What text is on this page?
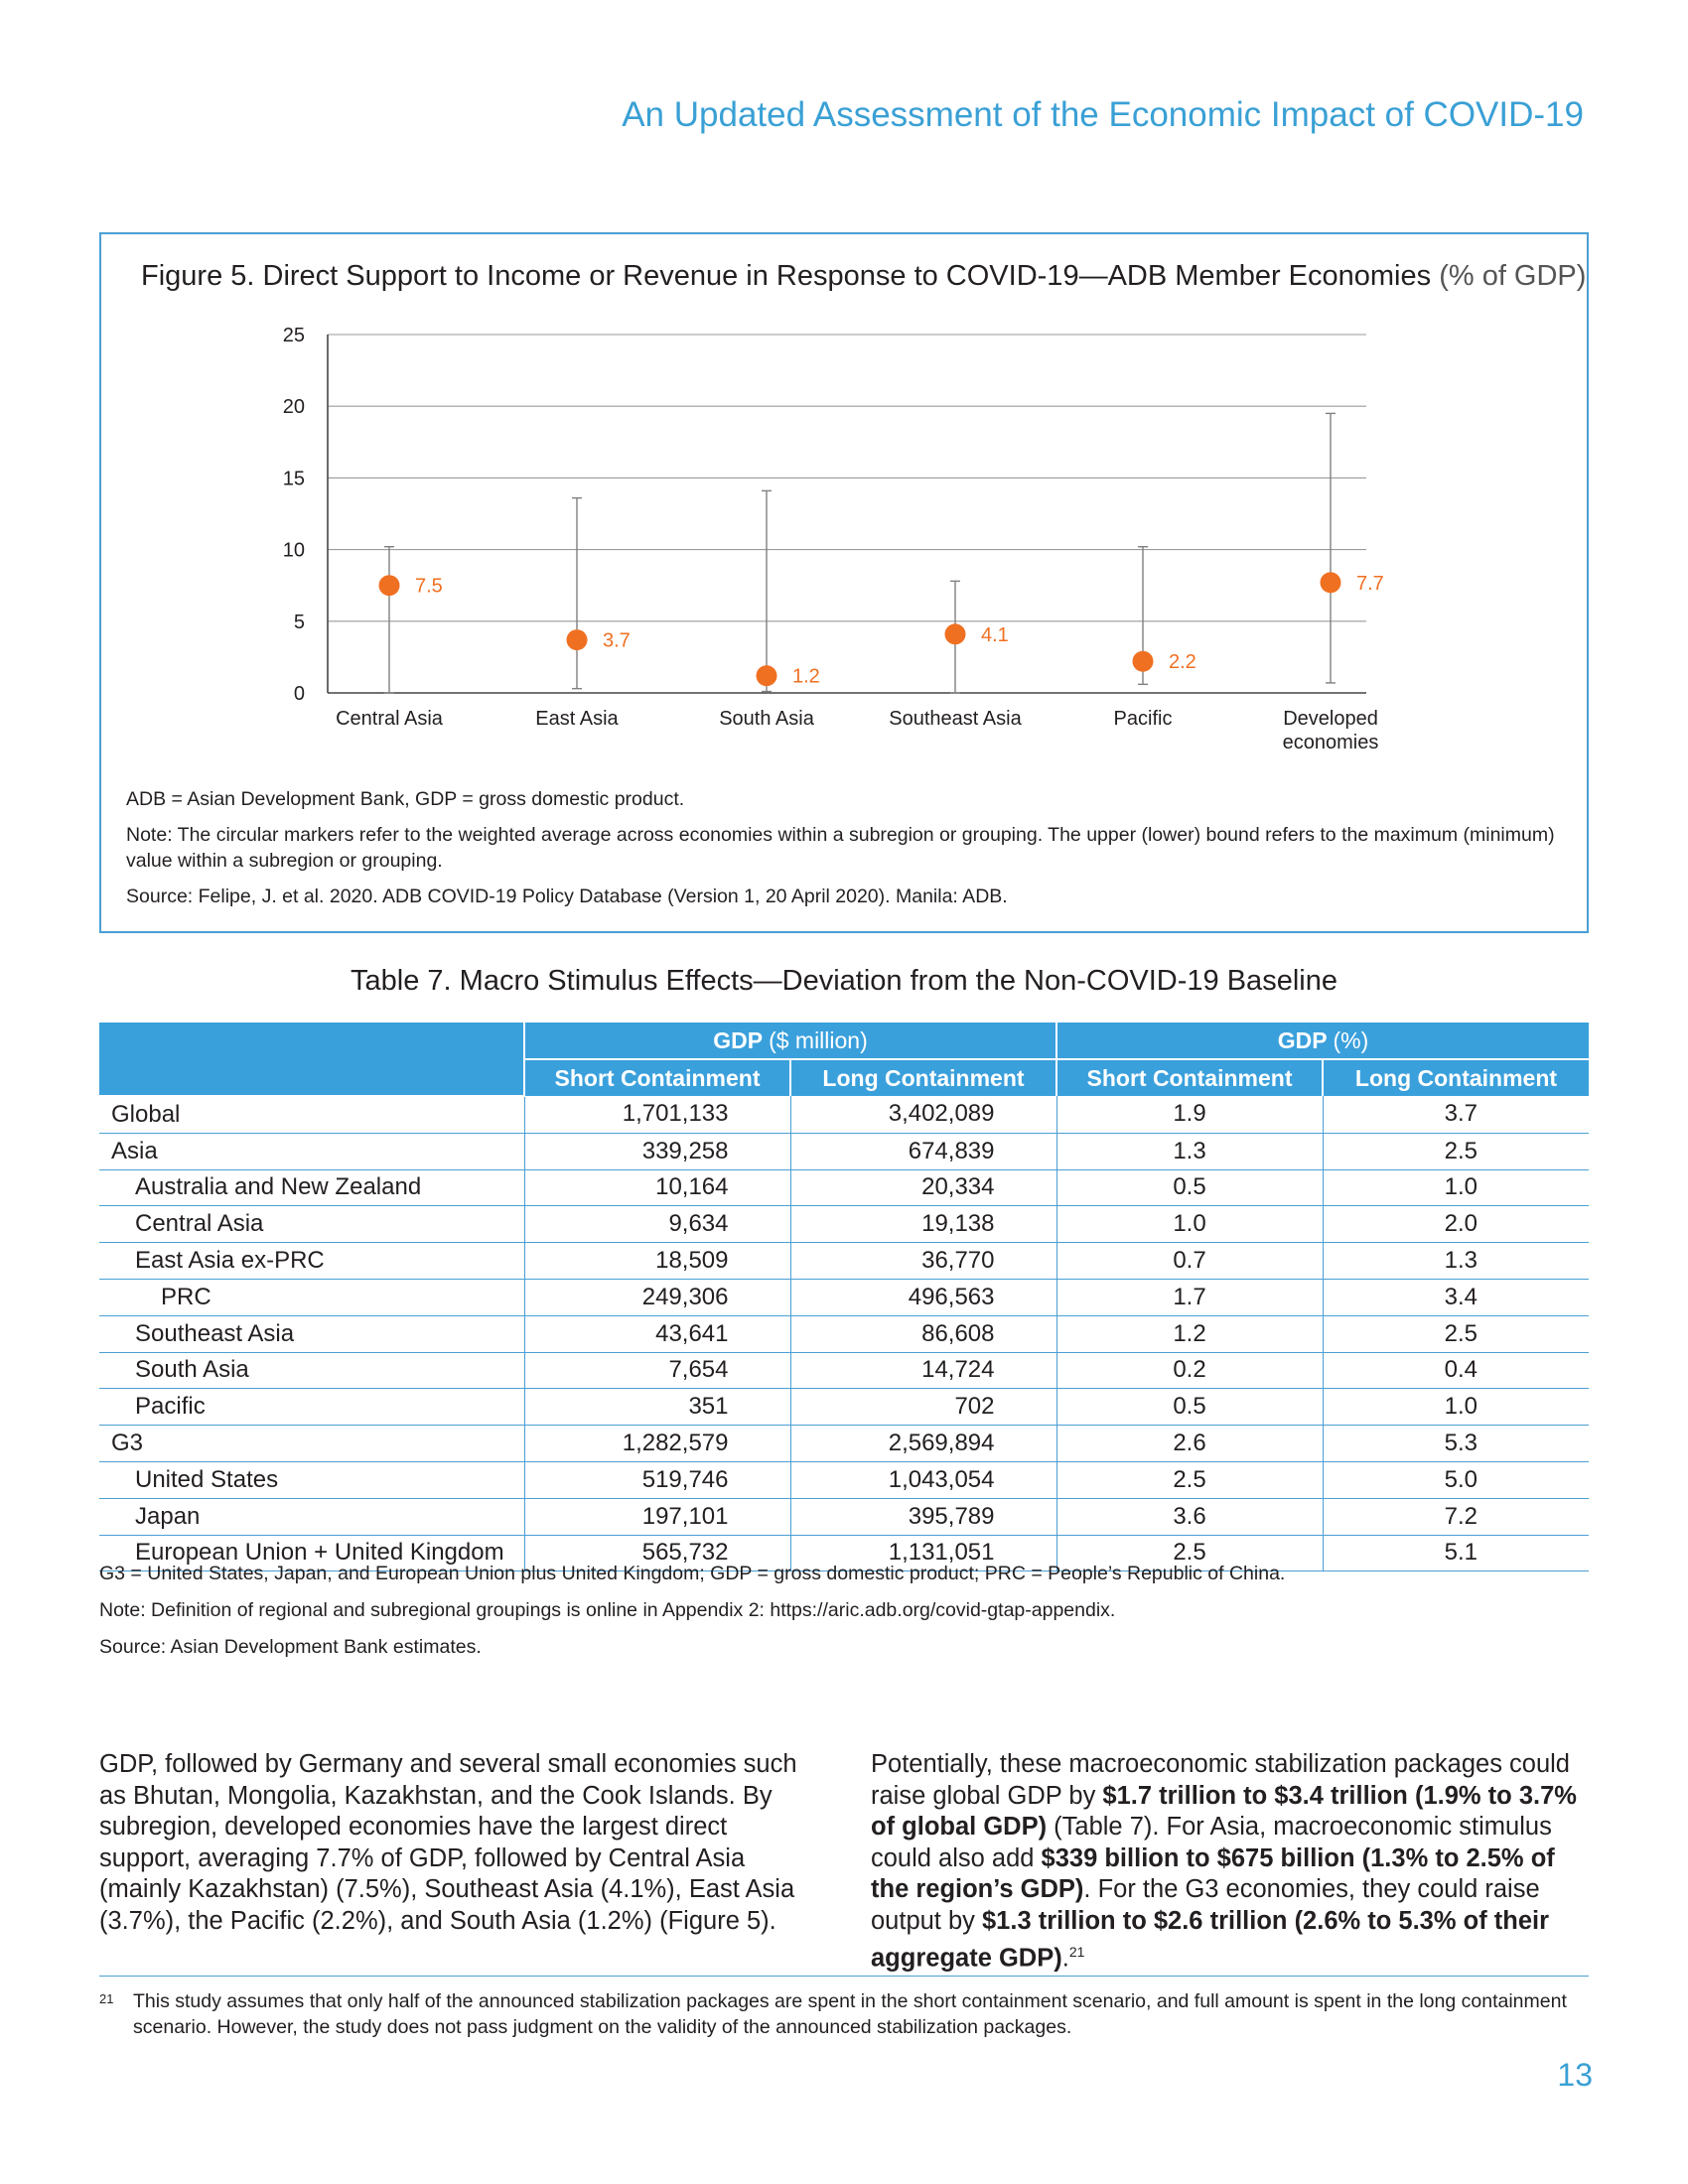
An Updated Assessment of the Economic Impact of COVID-19
Figure 5. Direct Support to Income or Revenue in Response to COVID-19—ADB Member Economies (% of GDP)
0
5
10
15
20
25
7.5
Central Asia
3.7
East Asia
1.2
South Asia
4.1
Southeast Asia
2.2
Pacific
7.7
Developed
economies
ADB = Asian Development Bank, GDP = gross domestic product.
Note: The circular markers refer to the weighted average across economies within a subregion or grouping. The upper (lower) bound refers to the maximum (minimum) value within a subregion or grouping.
Source: Felipe, J. et al. 2020. ADB COVID-19 Policy Database (Version 1, 20 April 2020). Manila: ADB.
Table 7. Macro Stimulus Effects—Deviation from the Non-COVID-19 Baseline
	GDP ($ million)		GDP (%)	
	Short Containment	Long Containment	Short Containment	Long Containment
Global	1,701,133	3,402,089	1.9	3.7
Asia	339,258	674,839	1.3	2.5
Australia and New Zealand	10,164	20,334	0.5	1.0
Central Asia	9,634	19,138	1.0	2.0
East Asia ex-PRC	18,509	36,770	0.7	1.3
PRC	249,306	496,563	1.7	3.4
Southeast Asia	43,641	86,608	1.2	2.5
South Asia	7,654	14,724	0.2	0.4
Pacific	351	702	0.5	1.0
G3	1,282,579	2,569,894	2.6	5.3
United States	519,746	1,043,054	2.5	5.0
Japan	197,101	395,789	3.6	7.2
European Union + United Kingdom	565,732	1,131,051	2.5	5.1
G3 = United States, Japan, and European Union plus United Kingdom; GDP = gross domestic product; PRC = People’s Republic of China.
Note: Definition of regional and subregional groupings is online in Appendix 2: https://aric.adb.org/covid-gtap-appendix.
Source: Asian Development Bank estimates.
GDP, followed by Germany and several small economies such as Bhutan, Mongolia, Kazakhstan, and the Cook Islands. By subregion, developed economies have the largest direct support, averaging 7.7% of GDP, followed by Central Asia (mainly Kazakhstan) (7.5%), Southeast Asia (4.1%), East Asia (3.7%), the Pacific (2.2%), and South Asia (1.2%) (Figure 5).
Potentially, these macroeconomic stabilization packages could raise global GDP by $1.7 trillion to $3.4 trillion (1.9% to 3.7% of global GDP) (Table 7). For Asia, macroeconomic stimulus could also add $339 billion to $675 billion (1.3% to 2.5% of the region’s GDP). For the G3 economies, they could raise output by $1.3 trillion to $2.6 trillion (2.6% to 5.3% of their aggregate GDP).$^{21}$
21 This study assumes that only half of the announced stabilization packages are spent in the short containment scenario, and full amount is spent in the long containment scenario. However, the study does not pass judgment on the validity of the announced stabilization packages.
13
